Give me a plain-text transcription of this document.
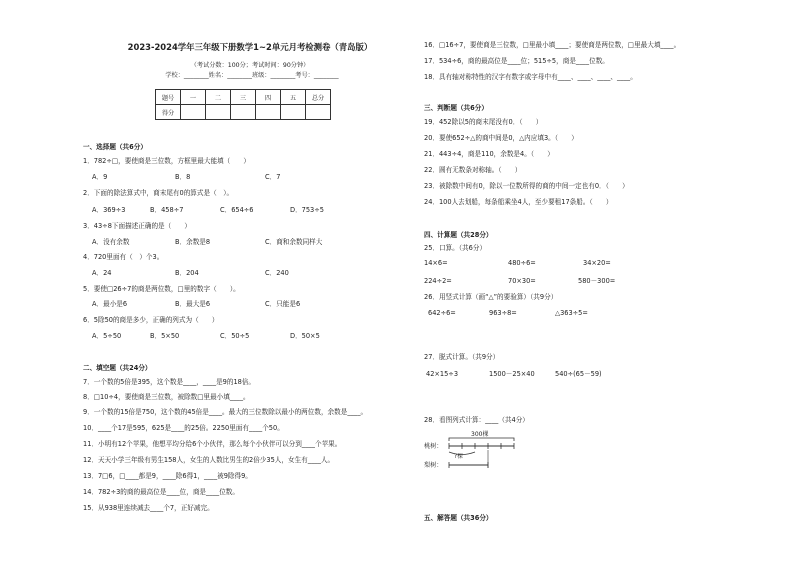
2023-2024学年三年级下册数学1~2单元月考检测卷（青岛版）
（考试分数：100分；考试时间：90分钟）
学校：________姓名：________班级：________考号：________
题号	一	二	三	四	五	总分
得分						
一、选择题（共6分）
1．782÷□，要使商是三位数，方框里最大能填（　　）
A．9	B．8	C．7
2．下面的除法算式中，商末尾有0的算式是（　）。
A．369÷3	B．458÷7	C．654÷6	D．753÷5
3．43÷8下面描述正确的是（　　）
A．没有余数	B．余数是8	C．商和余数同样大
4．720里面有（　）个3。
A．24	B．204	C．240
5．要使□26÷7的商是两位数，□里的数字（　　）。
A．最小是6	B．最大是6	C．只能是6
6．5除50的商是多少，正确的列式为（　　）
A．5÷50	B．5×50	C．50÷5	D．50×5
二、填空题（共24分）
7．一个数的5倍是395，这个数是____，____是9的18倍。
8．□10÷4，要使商是三位数，被除数□里最小填____。
9．一个数的15倍是750，这个数的45倍是____。最大的三位数除以最小的两位数，余数是____。
10．____个17是595，625是____的25倍。2250里面有____个50。
11．小明有12个苹果，他想平均分给6个小伙伴，那么每个小伙伴可以分到____个苹果。
12．天天小学三年级有男生158人，女生的人数比男生的2倍少35人，女生有____人。
13．7□6，□____都是9，____除6得1，____被9除得9。
14．782÷3的商的最高位是____位，商是____位数。
15．从938里连续减去____个7，正好减完。
16．□16÷7，要使商是三位数，□里最小填____；要使商是两位数，□里最大填____。
17．534÷6，商的最高位是____位；515÷5，商是____位数。
18．具有轴对称特性的汉字有数字或字母中有____、____、____、____。
三、判断题（共6分）
19．452除以5的商末尾没有0．（　　）
20．要使652÷△的商中间是0，△内应填3。（　　）
21．443÷4，商是110，余数是4。（　　）
22．圆有无数条对称轴。（　　）
23．被除数中间有0，除以一位数所得的商的中间一定也有0．（　　）
24．100人去划船，每条船乘坐4人，至少要租17条船。（　　）
四、计算题（共28分）
25．口算。（共6分）
14×6=	480÷6=	34×20=
224÷2=	70×30=	580－300=
26．用竖式计算（画“△”的要验算）（共9分）
642÷6=	963÷8=	△363÷5=
27．脱式计算。（共9分）
42×15÷3	1500－25×40	540÷(65－59)
28．看图列式计算：____（共4分）
300棵
桃树：
梨树：
?棵
五、解答题（共36分）
